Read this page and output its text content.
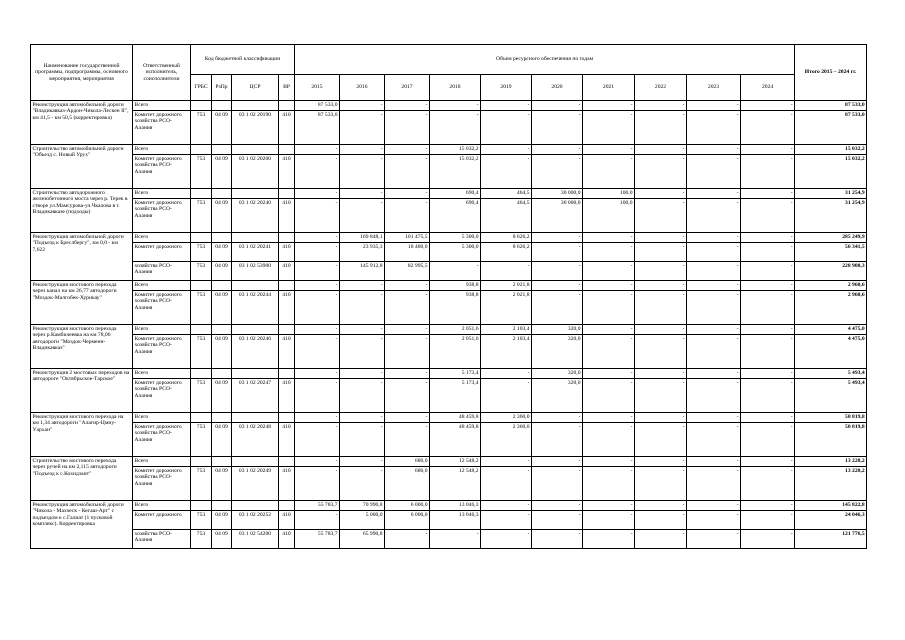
Наименование государственной программы, подпрограммы, основного мероприятия, мероприятия	Ответственный исполнитель, соисполнители	Код бюджетной классификации				Объем ресурсного обеспечения по годам										Итого 2015 – 2024 гг.
		ГРБС	РзПр	ЦСР	ВР	2015	2016	2017	2018	2019	2020	2021	2022	2023	2024	
Реконструкция автомобильной дороги "Владикавказ-Ардон-Чикола-Лескен II", км 41,5 - км 50,5 (корректировка)	Всего					87 533,0	-	-	-	-	-	-	-	-	-	87 533,0
	Комитет дорожного хозяйства РСО-Алания	753	04 09	03 1 02 20190	410	87 533,0	-	-	-	-	-	-	-	-	-	87 533,0
Строительство автомобильной дороги "Объезд с. Новый Урух"	Всего					-	-	-	15 032,2	-	-	-	-	-	-	15 032,2
	Комитет дорожного хозяйства РСО-Алания	753	04 09	03 1 02 20200	410	-	-	-	15 032,2	-	-	-	-	-	-	15 032,2
Строительство автодорожного железобетонного моста через р. Терек в створе ул.Мамсурова-ул.Чкалова в г. Владикавказе (подходы)	Всего					-	-	-	690,4	464,5	30 000,0	100,0	-	-	-	31 254,9
	Комитет дорожного хозяйства РСО-Алания	753	04 09	03 1 02 20240	410	-	-	-	690,4	464,5	30 000,0	100,0	-	-	-	31 254,9
Реконструкция автомобильной дороги "Подъезд к Бреслбергу", км 0,0 - км 7,622	Всего					-	169 848,1	101 475,5	5 300,0	8 626,2	-	-	-	-	-	285 249,9
	Комитет дорожного	753	04 09	03 1 02 20241	410	-	23 935,3	18 480,0	5 300,0	8 626,2	-	-	-	-	-	56 341,5
	хозяйства РСО-Алания	753	04 09	03 1 02 53900	410	-	145 912,8	82 995,5	-	-	-	-	-	-	-	228 908,3
Реконструкция мостового перехода через канал на км 26,77 автодороги "Моздок-Малгобек-Хурикау"	Всего					-	-	-	938,8	2 021,8	-	-	-	-	-	2 960,6
	Комитет дорожного хозяйства РСО-Алания	753	04 09	03 1 02 20244	410	-	-	-	938,8	2 021,8	-	-	-	-	-	2 960,6
Реконструкция мостового перехода через р.Камбилеевка на км 78,06 автодороги "Моздок-Черменн-Владикавказ"	Всего					-	-	-	2 051,6	2 103,4	320,0	-	-	-	-	4 475,0
	Комитет дорожного хозяйства РСО-Алания	753	04 09	03 1 02 20246	410	-	-	-	2 051,6	2 103,4	320,0	-	-	-	-	4 475,0
Реконструкция 2 мостовых переходов на автодороге "Октябрьское-Тарское"	Всего					-	-	-	5 173,4	-	320,0	-	-	-	-	5 493,4
	Комитет дорожного хозяйства РСО-Алания	753	04 09	03 1 02 20247	410	-	-	-	5 173,4	-	320,0	-	-	-	-	5 493,4
Реконструкция мостового перехода на км 1,34 автодороги "Алагир-Цмиу-Уархан"	Всего					-	-	-	48 459,8	2 360,0	-	-	-	-	-	50 819,8
	Комитет дорожного хозяйства РСО-Алания	753	04 09	03 1 02 20248	410	-	-	-	48 459,8	2 360,0	-	-	-	-	-	50 819,8
Строительство мостового перехода через ручей на км 2,115 автодороги "Подъезд к с.Кохидзаит"	Всего					-	-	680,0	12 548,2	-	-	-	-	-	-	13 228,2
	Комитет дорожного хозяйства РСО-Алания	753	04 09	03 1 02 20249	410	-	-	680,0	12 548,2	-	-	-	-	-	-	13 228,2
Реконструкция автомобильной дороги "Чикола - Махческ - Кегаш-Арт" с подъездом к с.Галиат (1 пусковой комплекс). Корректировка	Всего					55 783,7	70 990,8	6 000,0	13 046,3	-	-	-	-	-	-	145 822,8
	Комитет дорожного	753	04 09	03 1 02 20252	410	-	5 000,0	6 000,0	13 046,3	-	-	-	-	-	-	24 046,3
	хозяйства РСО-Алания	753	04 09	03 1 02 54200	410	55 783,7	65 990,8	-	-	-	-	-	-	-	-	121 776,5
